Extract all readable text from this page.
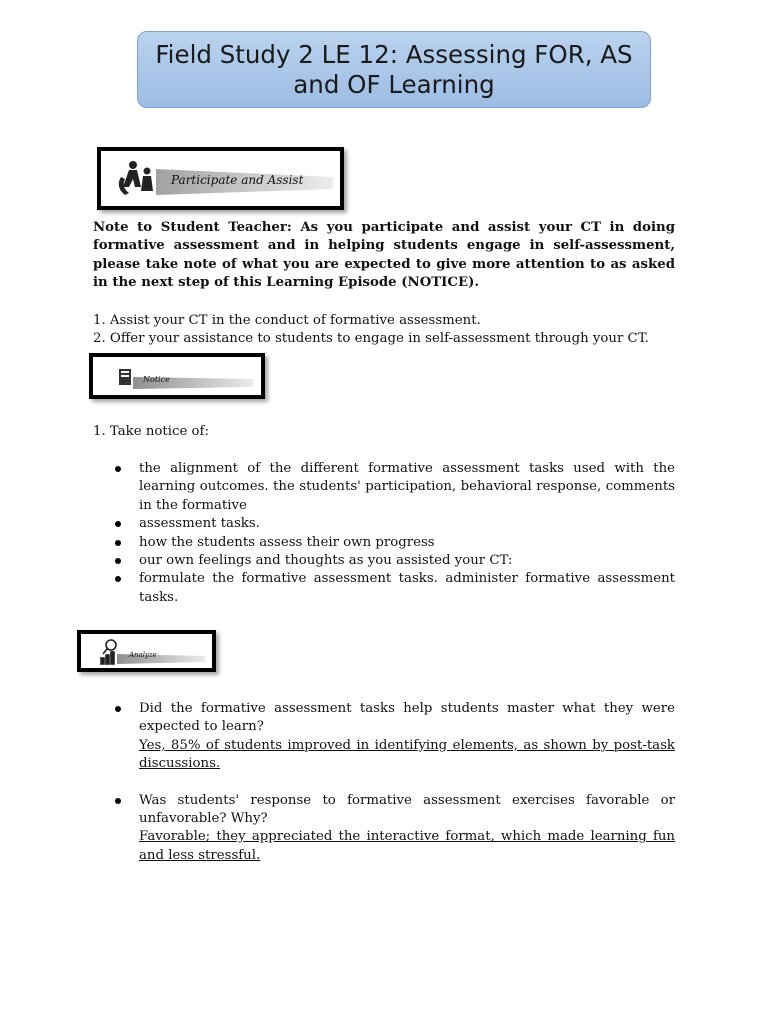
Field Study 2 LE 12: Assessing FOR, AS and OF Learning
Participate and Assist
Note to Student Teacher: As you participate and assist your CT in doing formative assessment and in helping students engage in self-assessment, please take note of what you are expected to give more attention to as asked in the next step of this Learning Episode (NOTICE).
1. Assist your CT in the conduct of formative assessment.
2. Offer your assistance to students to engage in self-assessment through your CT.
Notice
1. Take notice of:
the alignment of the different formative assessment tasks used with the learning outcomes. the students' participation, behavioral response, comments in the formative
assessment tasks.
how the students assess their own progress
our own feelings and thoughts as you assisted your CT:
formulate the formative assessment tasks. administer formative assessment tasks.
Analyze
Did the formative assessment tasks help students master what they were expected to learn?
Yes, 85% of students improved in identifying elements, as shown by post-task discussions.
Was students' response to formative assessment exercises favorable or unfavorable? Why?
Favorable; they appreciated the interactive format, which made learning fun and less stressful.
